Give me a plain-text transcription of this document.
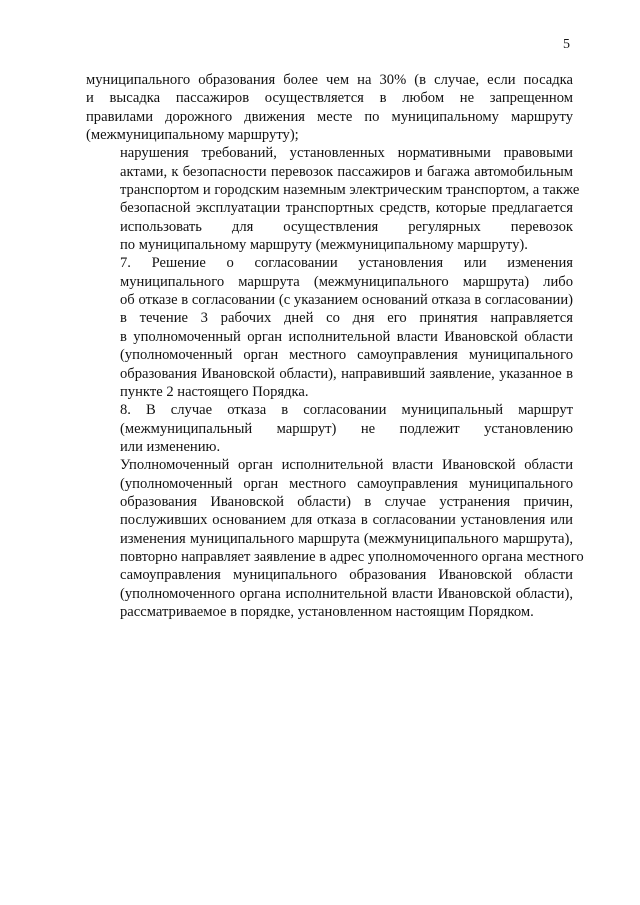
5

муниципального образования более чем на 30% (в случае, если посадка
и высадка пассажиров осуществляется в любом не запрещенном
правилами дорожного движения месте по муниципальному маршруту
(межмуниципальному маршруту);

нарушения требований, установленных нормативными правовыми
актами, к безопасности перевозок пассажиров и багажа автомобильным
транспортом и городским наземным электрическим транспортом, а также
безопасной эксплуатации транспортных средств, которые предлагается
использовать для осуществления регулярных перевозок
по муниципальному маршруту (межмуниципальному маршруту).

7. Решение о согласовании установления или изменения
муниципального маршрута (межмуниципального маршрута) либо
об отказе в согласовании (с указанием оснований отказа в согласовании)
в течение 3 рабочих дней со дня его принятия направляется
в уполномоченный орган исполнительной власти Ивановской области
(уполномоченный орган местного самоуправления муниципального
образования Ивановской области), направивший заявление, указанное в
пункте 2 настоящего Порядка.

8. В случае отказа в согласовании муниципальный маршрут
(межмуниципальный маршрут) не подлежит установлению
или изменению.

Уполномоченный орган исполнительной власти Ивановской области
(уполномоченный орган местного самоуправления муниципального
образования Ивановской области) в случае устранения причин,
послуживших основанием для отказа в согласовании установления или
изменения муниципального маршрута (межмуниципального маршрута),
повторно направляет заявление в адрес уполномоченного органа местного
самоуправления муниципального образования Ивановской области
(уполномоченного органа исполнительной власти Ивановской области),
рассматриваемое в порядке, установленном настоящим Порядком.
